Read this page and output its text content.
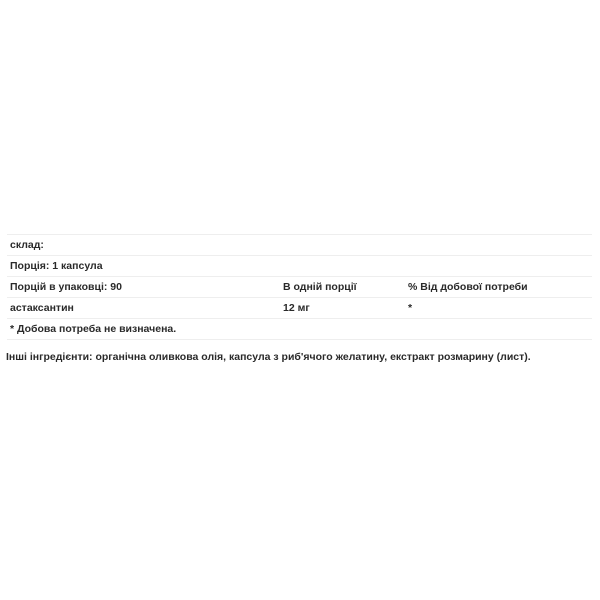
склад:		
Порція: 1 капсула		
Порцій в упаковці: 90	В одній порції	% Від добової потреби
астаксантин	12 мг	*
* Добова потреба не визначена.		
Інші інгредієнти: органічна оливкова олія, капсула з риб'ячого желатину, екстракт розмарину (лист).
